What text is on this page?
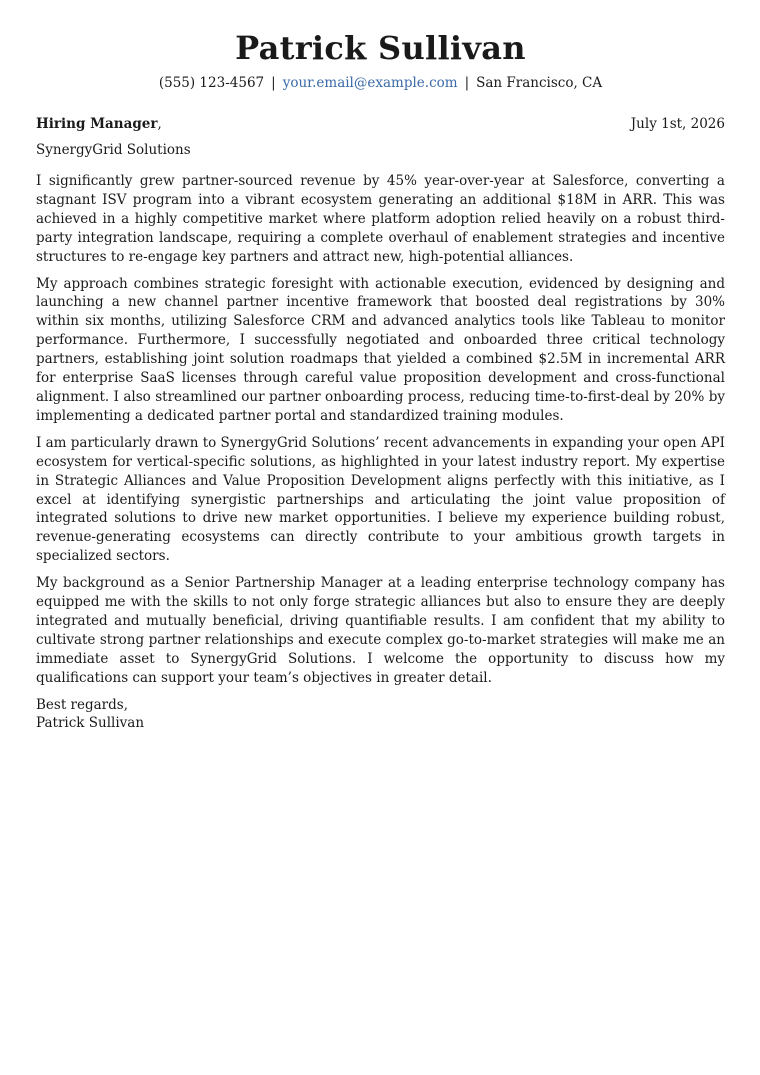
Patrick Sullivan
(555) 123-4567 | your.email@example.com | San Francisco, CA
Hiring Manager,	July 1st, 2026
SynergyGrid Solutions

I significantly grew partner-sourced revenue by 45% year-over-year at Salesforce, converting a stagnant ISV program into a vibrant ecosystem generating an additional $18M in ARR. This was achieved in a highly competitive market where platform adoption relied heavily on a robust third-party integration landscape, requiring a complete overhaul of enablement strategies and incentive structures to re-engage key partners and attract new, high-potential alliances.

My approach combines strategic foresight with actionable execution, evidenced by designing and launching a new channel partner incentive framework that boosted deal registrations by 30% within six months, utilizing Salesforce CRM and advanced analytics tools like Tableau to monitor performance. Furthermore, I successfully negotiated and onboarded three critical technology partners, establishing joint solution roadmaps that yielded a combined $2.5M in incremental ARR for enterprise SaaS licenses through careful value proposition development and cross-functional alignment. I also streamlined our partner onboarding process, reducing time-to-first-deal by 20% by implementing a dedicated partner portal and standardized training modules.

I am particularly drawn to SynergyGrid Solutions’ recent advancements in expanding your open API ecosystem for vertical-specific solutions, as highlighted in your latest industry report. My expertise in Strategic Alliances and Value Proposition Development aligns perfectly with this initiative, as I excel at identifying synergistic partnerships and articulating the joint value proposition of integrated solutions to drive new market opportunities. I believe my experience building robust, revenue-generating ecosystems can directly contribute to your ambitious growth targets in specialized sectors.

My background as a Senior Partnership Manager at a leading enterprise technology company has equipped me with the skills to not only forge strategic alliances but also to ensure they are deeply integrated and mutually beneficial, driving quantifiable results. I am confident that my ability to cultivate strong partner relationships and execute complex go-to-market strategies will make me an immediate asset to SynergyGrid Solutions. I welcome the opportunity to discuss how my qualifications can support your team’s objectives in greater detail.

Best regards,
Patrick Sullivan
